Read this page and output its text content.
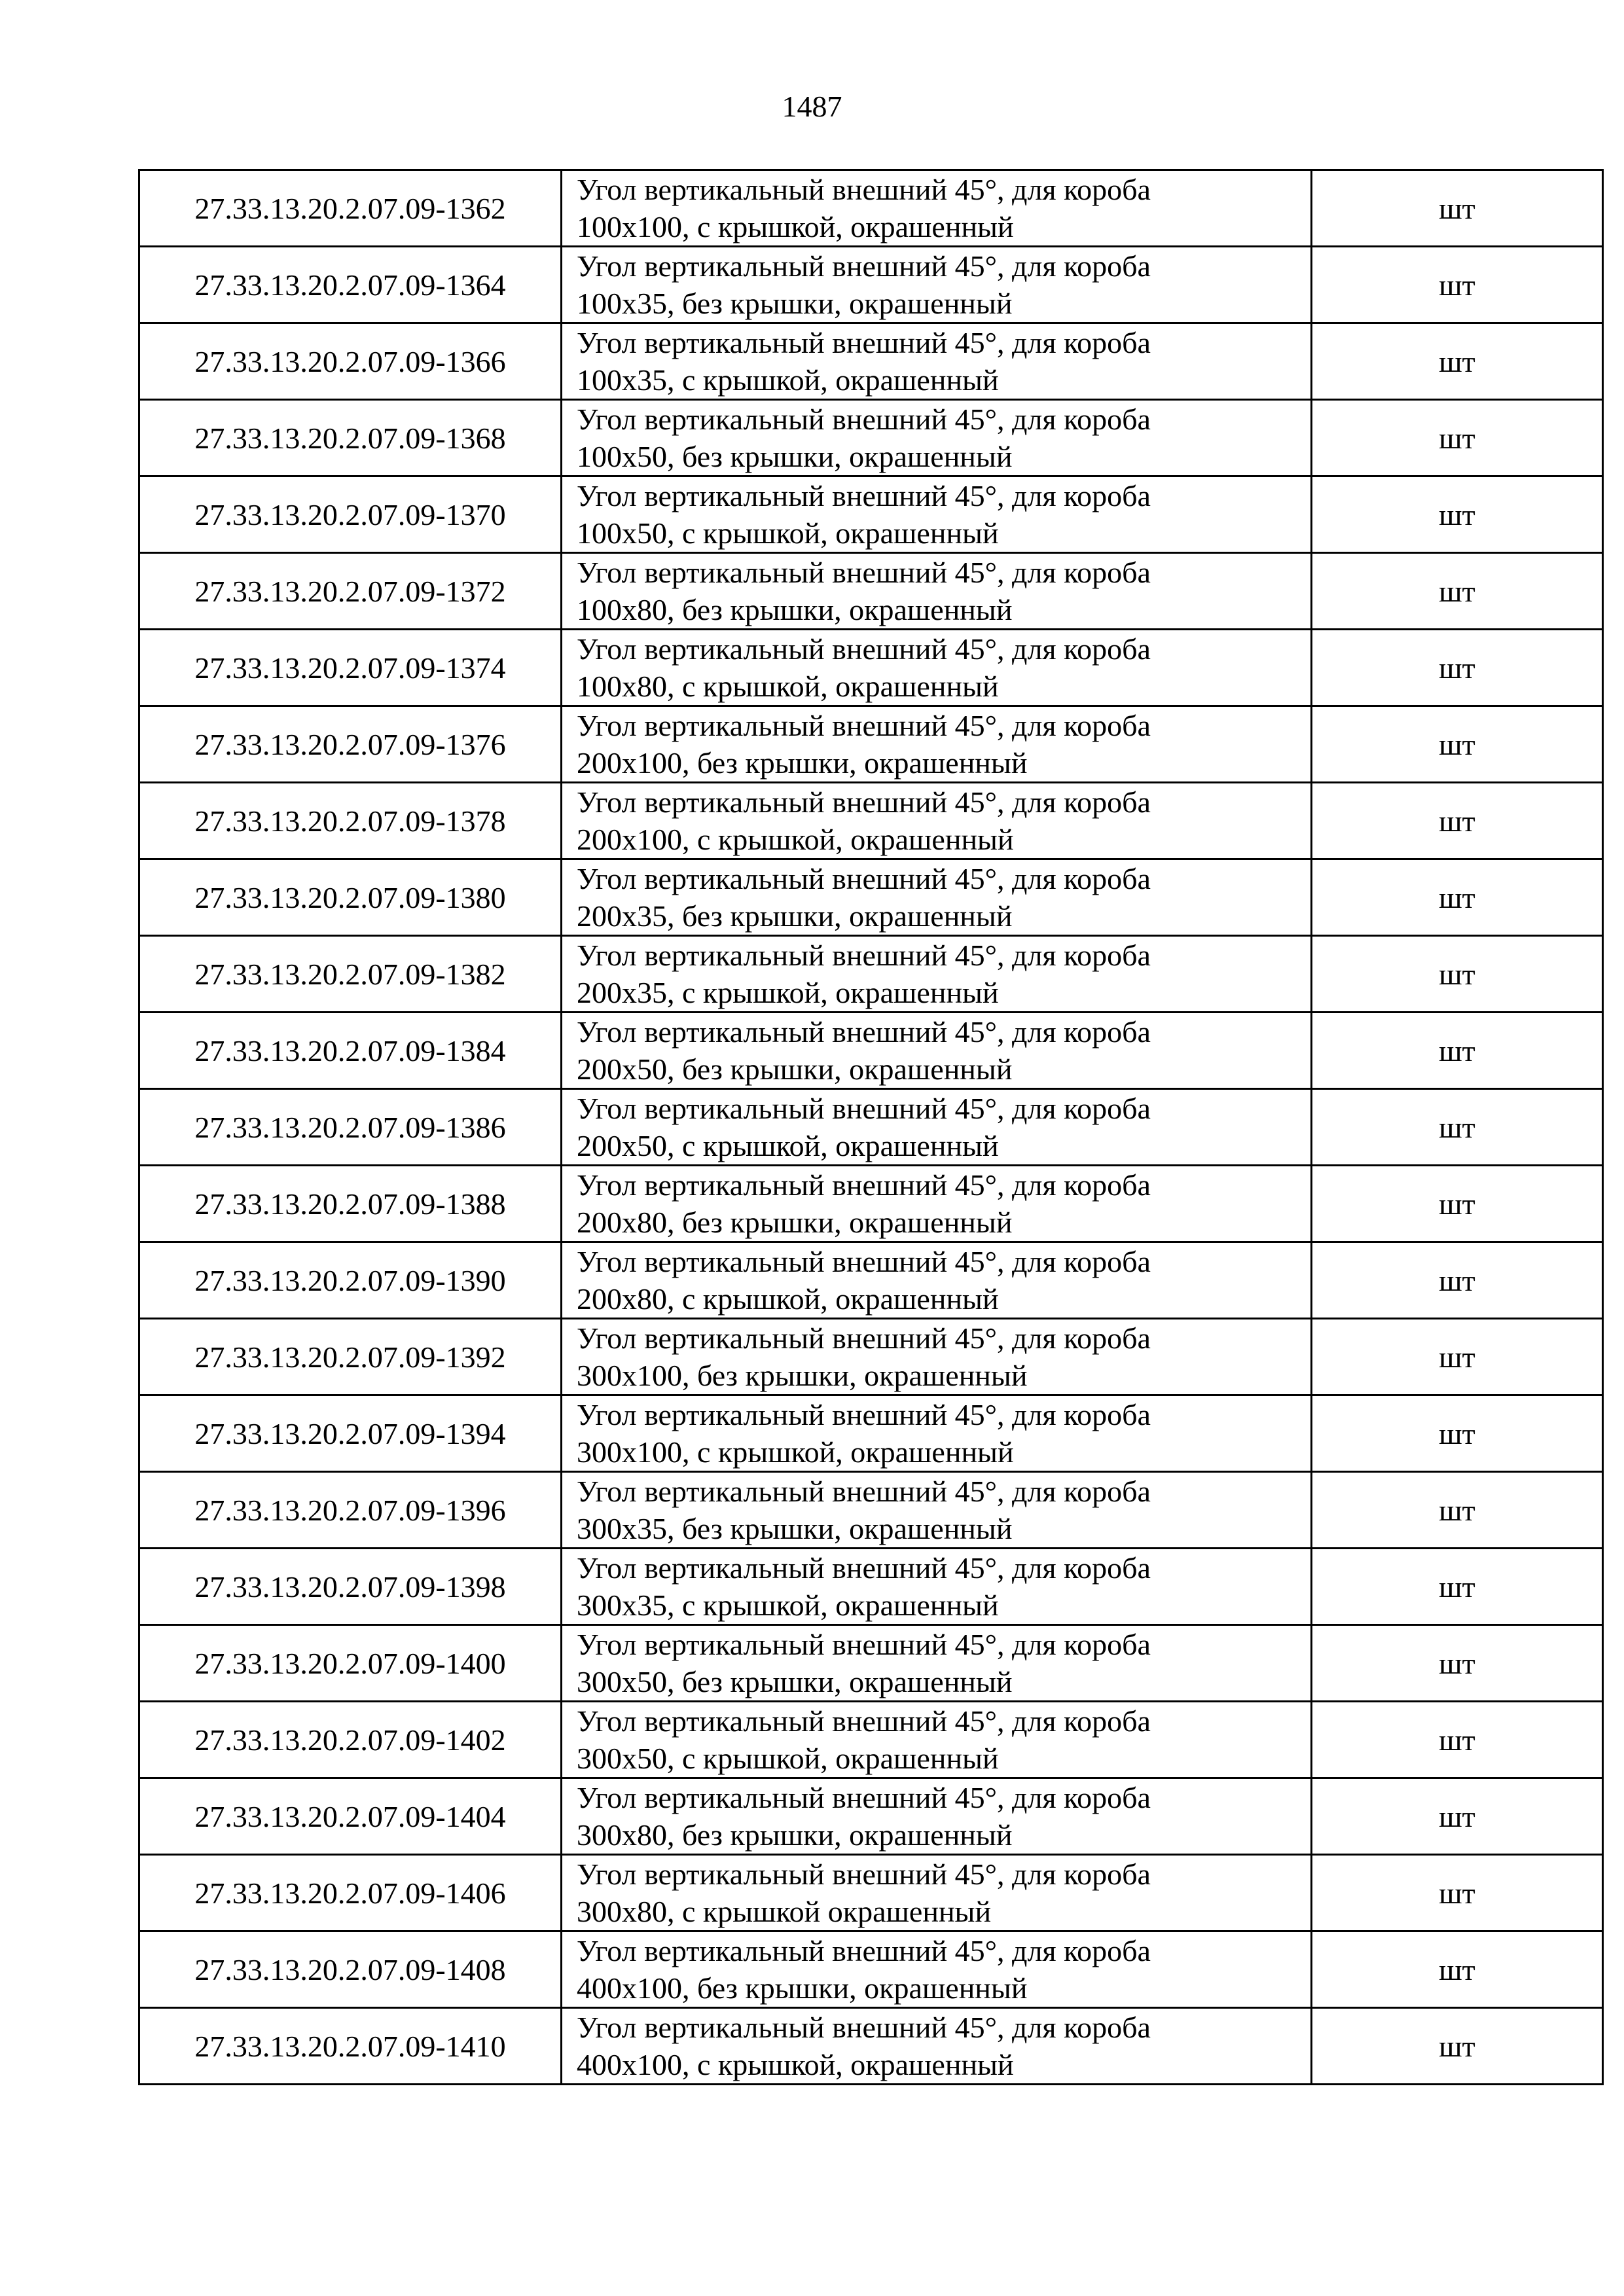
1487
27.33.13.20.2.07.09-1362	Угол вертикальный внешний 45°, для короба
100х100, с крышкой, окрашенный	шт
27.33.13.20.2.07.09-1364	Угол вертикальный внешний 45°, для короба
100х35, без крышки, окрашенный	шт
27.33.13.20.2.07.09-1366	Угол вертикальный внешний 45°, для короба
100х35, с крышкой, окрашенный	шт
27.33.13.20.2.07.09-1368	Угол вертикальный внешний 45°, для короба
100х50, без крышки, окрашенный	шт
27.33.13.20.2.07.09-1370	Угол вертикальный внешний 45°, для короба
100х50, с крышкой, окрашенный	шт
27.33.13.20.2.07.09-1372	Угол вертикальный внешний 45°, для короба
100х80, без крышки, окрашенный	шт
27.33.13.20.2.07.09-1374	Угол вертикальный внешний 45°, для короба
100х80, с крышкой, окрашенный	шт
27.33.13.20.2.07.09-1376	Угол вертикальный внешний 45°, для короба
200х100, без крышки, окрашенный	шт
27.33.13.20.2.07.09-1378	Угол вертикальный внешний 45°, для короба
200х100, с крышкой, окрашенный	шт
27.33.13.20.2.07.09-1380	Угол вертикальный внешний 45°, для короба
200х35, без крышки, окрашенный	шт
27.33.13.20.2.07.09-1382	Угол вертикальный внешний 45°, для короба
200х35, с крышкой, окрашенный	шт
27.33.13.20.2.07.09-1384	Угол вертикальный внешний 45°, для короба
200х50, без крышки, окрашенный	шт
27.33.13.20.2.07.09-1386	Угол вертикальный внешний 45°, для короба
200х50, с крышкой, окрашенный	шт
27.33.13.20.2.07.09-1388	Угол вертикальный внешний 45°, для короба
200х80, без крышки, окрашенный	шт
27.33.13.20.2.07.09-1390	Угол вертикальный внешний 45°, для короба
200х80, с крышкой, окрашенный	шт
27.33.13.20.2.07.09-1392	Угол вертикальный внешний 45°, для короба
300х100, без крышки, окрашенный	шт
27.33.13.20.2.07.09-1394	Угол вертикальный внешний 45°, для короба
300х100, с крышкой, окрашенный	шт
27.33.13.20.2.07.09-1396	Угол вертикальный внешний 45°, для короба
300х35, без крышки, окрашенный	шт
27.33.13.20.2.07.09-1398	Угол вертикальный внешний 45°, для короба
300х35, с крышкой, окрашенный	шт
27.33.13.20.2.07.09-1400	Угол вертикальный внешний 45°, для короба
300х50, без крышки, окрашенный	шт
27.33.13.20.2.07.09-1402	Угол вертикальный внешний 45°, для короба
300х50, с крышкой, окрашенный	шт
27.33.13.20.2.07.09-1404	Угол вертикальный внешний 45°, для короба
300х80, без крышки, окрашенный	шт
27.33.13.20.2.07.09-1406	Угол вертикальный внешний 45°, для короба
300х80, с крышкой окрашенный	шт
27.33.13.20.2.07.09-1408	Угол вертикальный внешний 45°, для короба
400х100, без крышки, окрашенный	шт
27.33.13.20.2.07.09-1410	Угол вертикальный внешний 45°, для короба
400х100, с крышкой, окрашенный	шт
